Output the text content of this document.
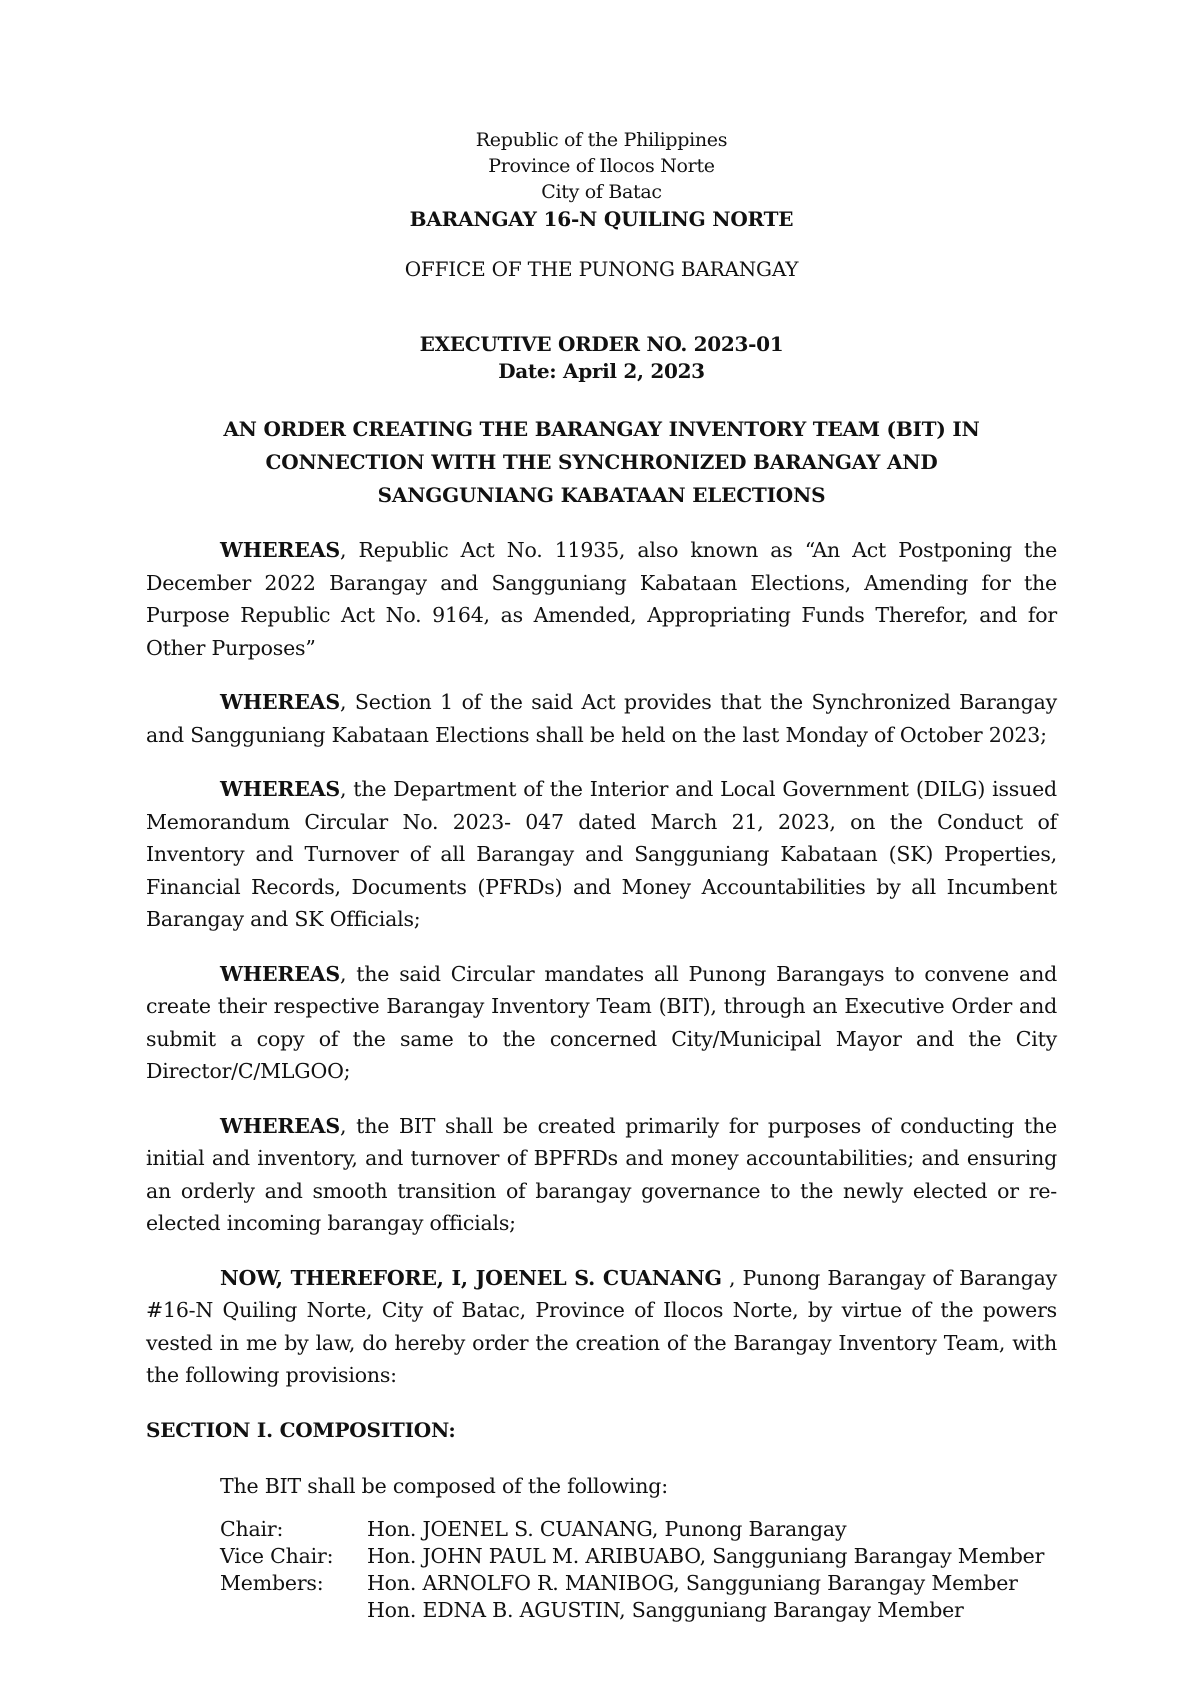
Republic of the Philippines
Province of Ilocos Norte
City of Batac
BARANGAY 16-N QUILING NORTE
OFFICE OF THE PUNONG BARANGAY
EXECUTIVE ORDER NO. 2023-01
Date: April 2, 2023
AN ORDER CREATING THE BARANGAY INVENTORY TEAM (BIT) IN CONNECTION WITH THE SYNCHRONIZED BARANGAY AND SANGGUNIANG KABATAAN ELECTIONS

WHEREAS, Republic Act No. 11935, also known as “An Act Postponing the December 2022 Barangay and Sangguniang Kabataan Elections, Amending for the Purpose Republic Act No. 9164, as Amended, Appropriating Funds Therefor, and for Other Purposes”

WHEREAS, Section 1 of the said Act provides that the Synchronized Barangay and Sangguniang Kabataan Elections shall be held on the last Monday of October 2023;

WHEREAS, the Department of the Interior and Local Government (DILG) issued Memorandum Circular No. 2023- 047 dated March 21, 2023, on the Conduct of Inventory and Turnover of all Barangay and Sangguniang Kabataan (SK) Properties, Financial Records, Documents (PFRDs) and Money Accountabilities by all Incumbent Barangay and SK Officials;

WHEREAS, the said Circular mandates all Punong Barangays to convene and create their respective Barangay Inventory Team (BIT), through an Executive Order and submit a copy of the same to the concerned City/Municipal Mayor and the City Director/C/MLGOO;

WHEREAS, the BIT shall be created primarily for purposes of conducting the initial and inventory, and turnover of BPFRDs and money accountabilities; and ensuring an orderly and smooth transition of barangay governance to the newly elected or re-elected incoming barangay officials;

NOW, THEREFORE, I, JOENEL S. CUANANG , Punong Barangay of Barangay #16-N Quiling Norte, City of Batac, Province of Ilocos Norte, by virtue of the powers vested in me by law, do hereby order the creation of the Barangay Inventory Team, with the following provisions:

SECTION I. COMPOSITION:
The BIT shall be composed of the following:
Chair:	Hon. JOENEL S. CUANANG, Punong Barangay
Vice Chair:	Hon. JOHN PAUL M. ARIBUABO, Sangguniang Barangay Member
Members:	Hon. ARNOLFO R. MANIBOG, Sangguniang Barangay Member
Hon. EDNA B. AGUSTIN, Sangguniang Barangay Member
